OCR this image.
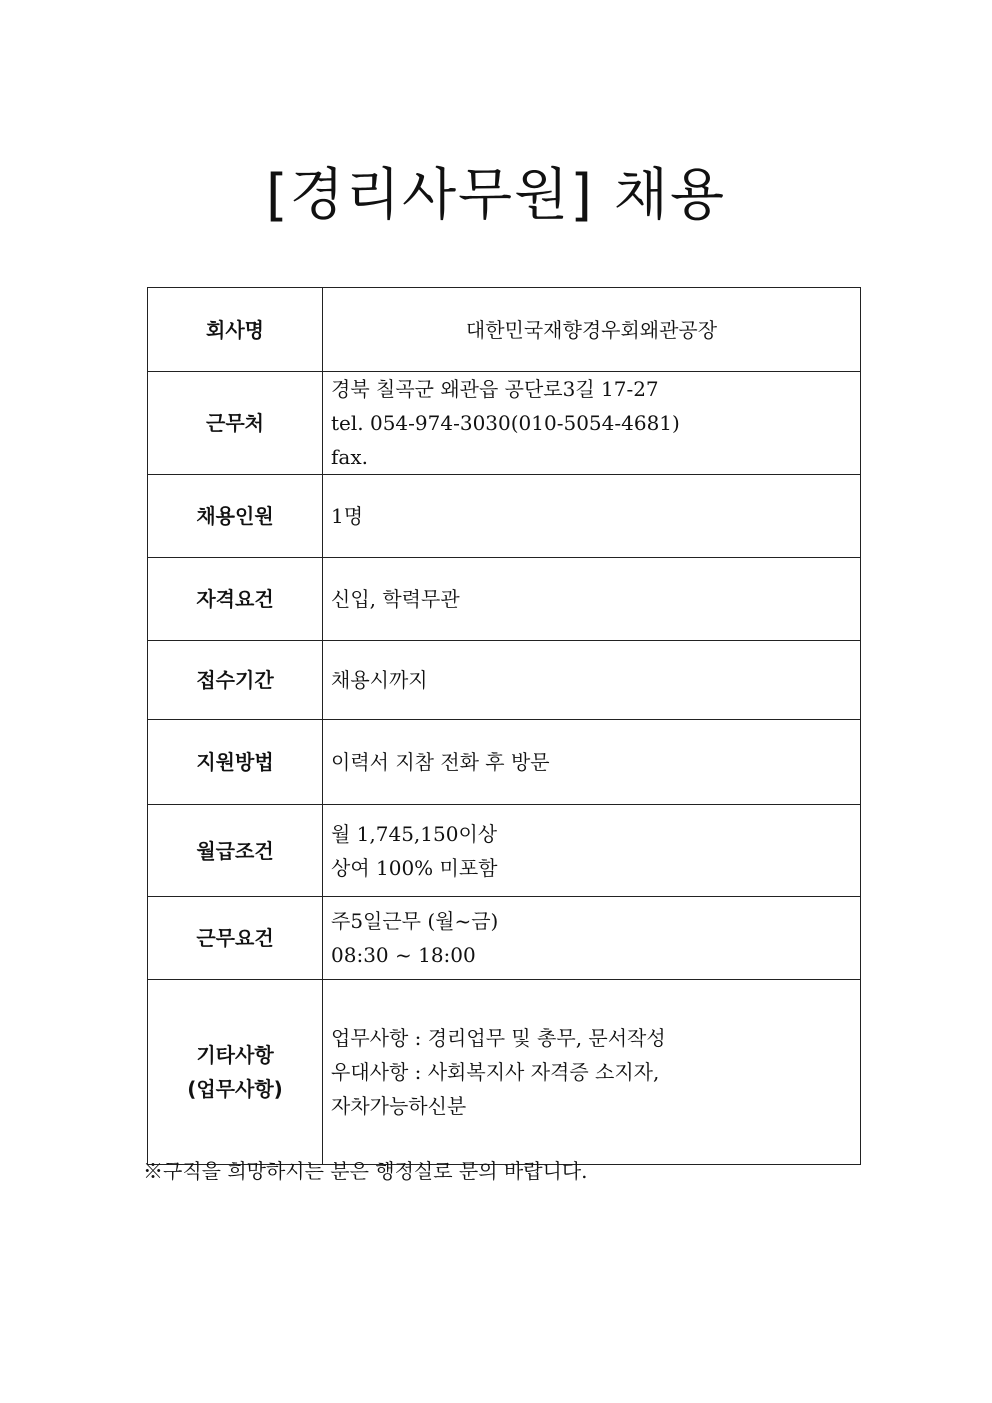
[경리사무원] 채용
회사명	대한민국재향경우회왜관공장

근무처	경북 칠곡군 왜관읍 공단로3길 17-27
tel. 054-974-3030(010-5054-4681)
fax.

채용인원	1명

자격요건	신입, 학력무관

접수기간	채용시까지

지원방법	이력서 지참 전화 후 방문

월급조건	월 1,745,150이상
상여 100% 미포함

근무요건	주5일근무 (월~금)
08:30 ~ 18:00

기타사항
(업무사항)	업무사항 : 경리업무 및 총무, 문서작성
우대사항 : 사회복지사 자격증 소지자,
자차가능하신분
※구직을 희망하시는 분은 행정실로 문의 바랍니다.
